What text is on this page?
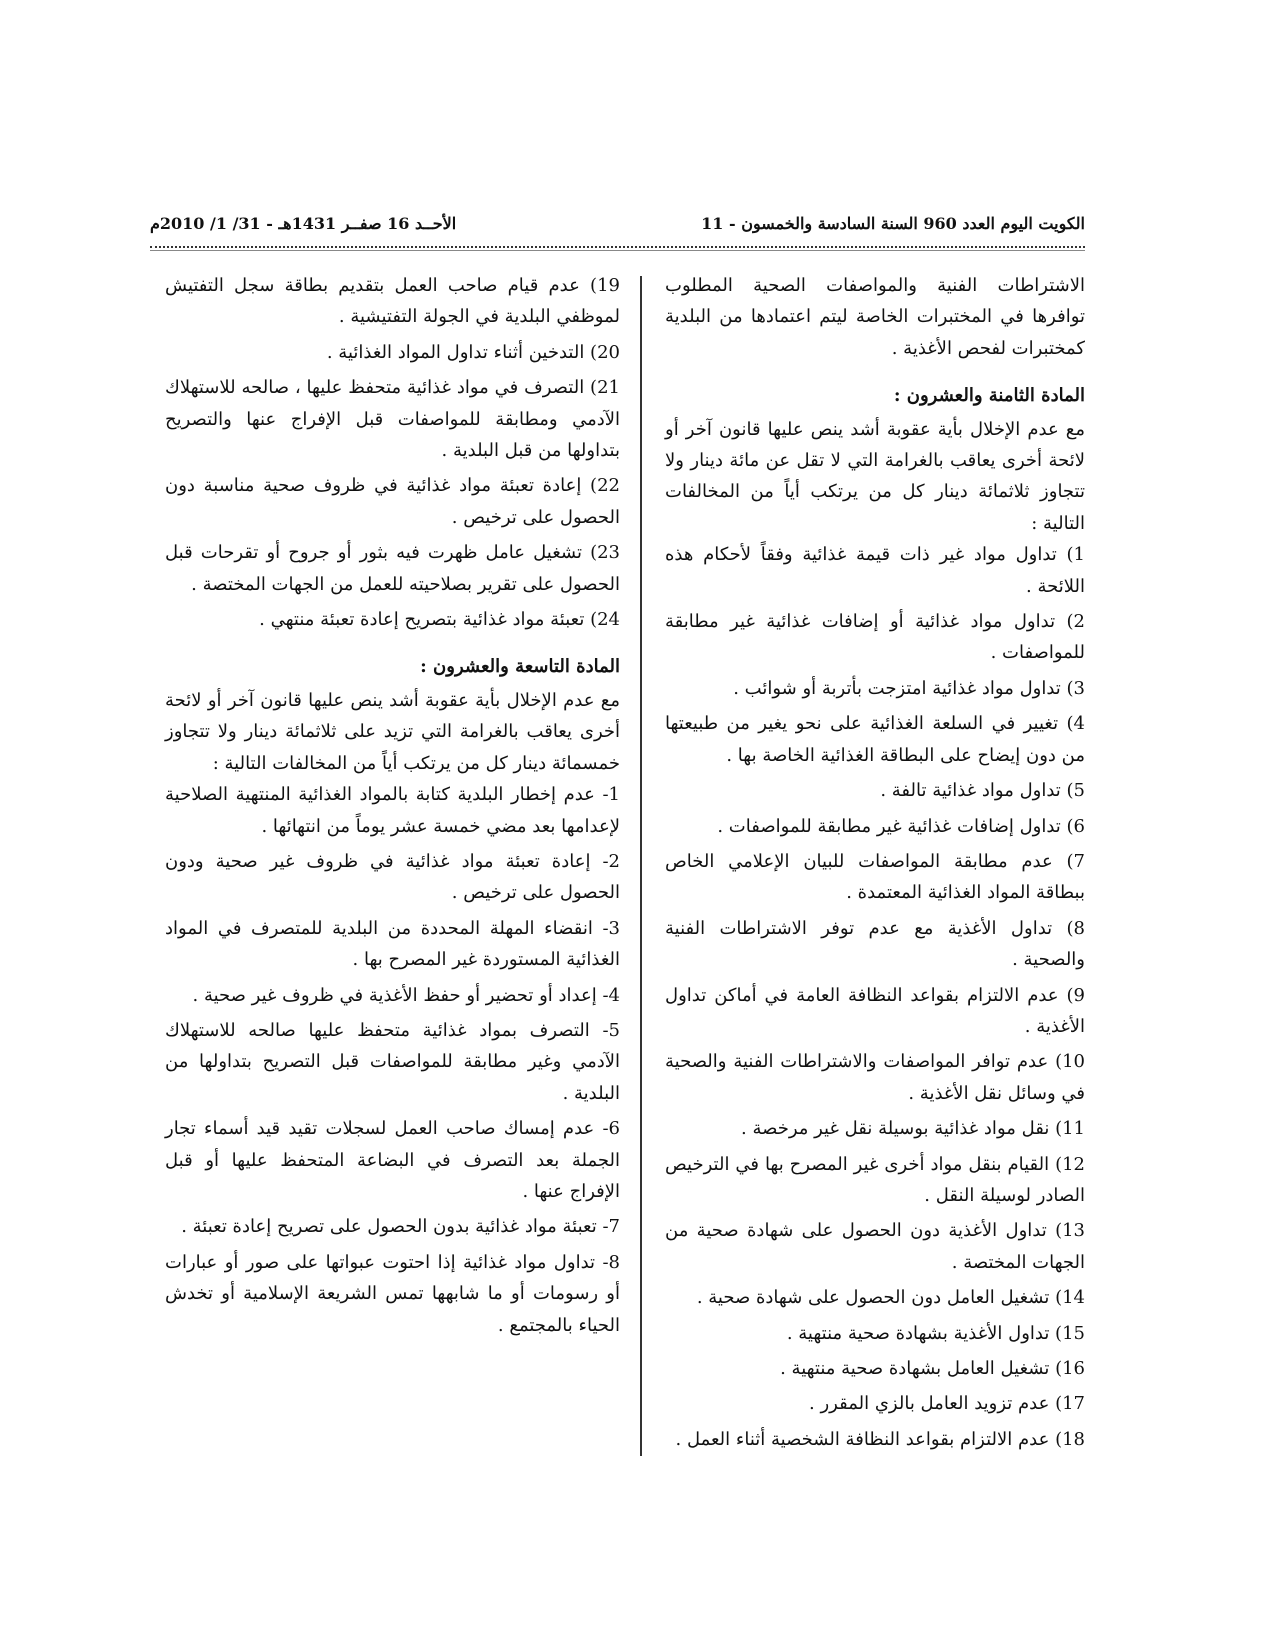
الكويت اليوم العدد 960 السنة السادسة والخمسون - 11
الأحــد 16 صفــر 1431هـ - 31/ 1/ 2010م

الاشتراطات الفنية والمواصفات الصحية المطلوب توافرها في المختبرات الخاصة ليتم اعتمادها من البلدية كمختبرات لفحص الأغذية .

المادة الثامنة والعشرون :

مع عدم الإخلال بأية عقوبة أشد ينص عليها قانون آخر أو لائحة أخرى يعاقب بالغرامة التي لا تقل عن مائة دينار ولا تتجاوز ثلاثمائة دينار كل من يرتكب أياً من المخالفات التالية :

1) تداول مواد غير ذات قيمة غذائية وفقاً لأحكام هذه اللائحة .

2) تداول مواد غذائية أو إضافات غذائية غير مطابقة للمواصفات .

3) تداول مواد غذائية امتزجت بأتربة أو شوائب .

4) تغيير في السلعة الغذائية على نحو يغير من طبيعتها من دون إيضاح على البطاقة الغذائية الخاصة بها .

5) تداول مواد غذائية تالفة .

6) تداول إضافات غذائية غير مطابقة للمواصفات .

7) عدم مطابقة المواصفات للبيان الإعلامي الخاص ببطاقة المواد الغذائية المعتمدة .

8) تداول الأغذية مع عدم توفر الاشتراطات الفنية والصحية .

9) عدم الالتزام بقواعد النظافة العامة في أماكن تداول الأغذية .

10) عدم توافر المواصفات والاشتراطات الفنية والصحية في وسائل نقل الأغذية .

11) نقل مواد غذائية بوسيلة نقل غير مرخصة .

12) القيام بنقل مواد أخرى غير المصرح بها في الترخيص الصادر لوسيلة النقل .

13) تداول الأغذية دون الحصول على شهادة صحية من الجهات المختصة .

14) تشغيل العامل دون الحصول على شهادة صحية .

15) تداول الأغذية بشهادة صحية منتهية .

16) تشغيل العامل بشهادة صحية منتهية .

17) عدم تزويد العامل بالزي المقرر .

18) عدم الالتزام بقواعد النظافة الشخصية أثناء العمل .

19) عدم قيام صاحب العمل بتقديم بطاقة سجل التفتيش لموظفي البلدية في الجولة التفتيشية .

20) التدخين أثناء تداول المواد الغذائية .

21) التصرف في مواد غذائية متحفظ عليها ، صالحه للاستهلاك الآدمي ومطابقة للمواصفات قبل الإفراج عنها والتصريح بتداولها من قبل البلدية .

22) إعادة تعبئة مواد غذائية في ظروف صحية مناسبة دون الحصول على ترخيص .

23) تشغيل عامل ظهرت فيه بثور أو جروح أو تقرحات قبل الحصول على تقرير بصلاحيته للعمل من الجهات المختصة .

24) تعبئة مواد غذائية بتصريح إعادة تعبئة منتهي .

المادة التاسعة والعشرون :

مع عدم الإخلال بأية عقوبة أشد ينص عليها قانون آخر أو لائحة أخرى يعاقب بالغرامة التي تزيد على ثلاثمائة دينار ولا تتجاوز خمسمائة دينار كل من يرتكب أياً من المخالفات التالية :

1- عدم إخطار البلدية كتابة بالمواد الغذائية المنتهية الصلاحية لإعدامها بعد مضي خمسة عشر يوماً من انتهائها .

2- إعادة تعبئة مواد غذائية في ظروف غير صحية ودون الحصول على ترخيص .

3- انقضاء المهلة المحددة من البلدية للمتصرف في المواد الغذائية المستوردة غير المصرح بها .

4- إعداد أو تحضير أو حفظ الأغذية في ظروف غير صحية .

5- التصرف بمواد غذائية متحفظ عليها صالحه للاستهلاك الآدمي وغير مطابقة للمواصفات قبل التصريح بتداولها من البلدية .

6- عدم إمساك صاحب العمل لسجلات تقيد قيد أسماء تجار الجملة بعد التصرف في البضاعة المتحفظ عليها أو قبل الإفراج عنها .

7- تعبئة مواد غذائية بدون الحصول على تصريح إعادة تعبئة .

8- تداول مواد غذائية إذا احتوت عبواتها على صور أو عبارات أو رسومات أو ما شابهها تمس الشريعة الإسلامية أو تخدش الحياء بالمجتمع .
